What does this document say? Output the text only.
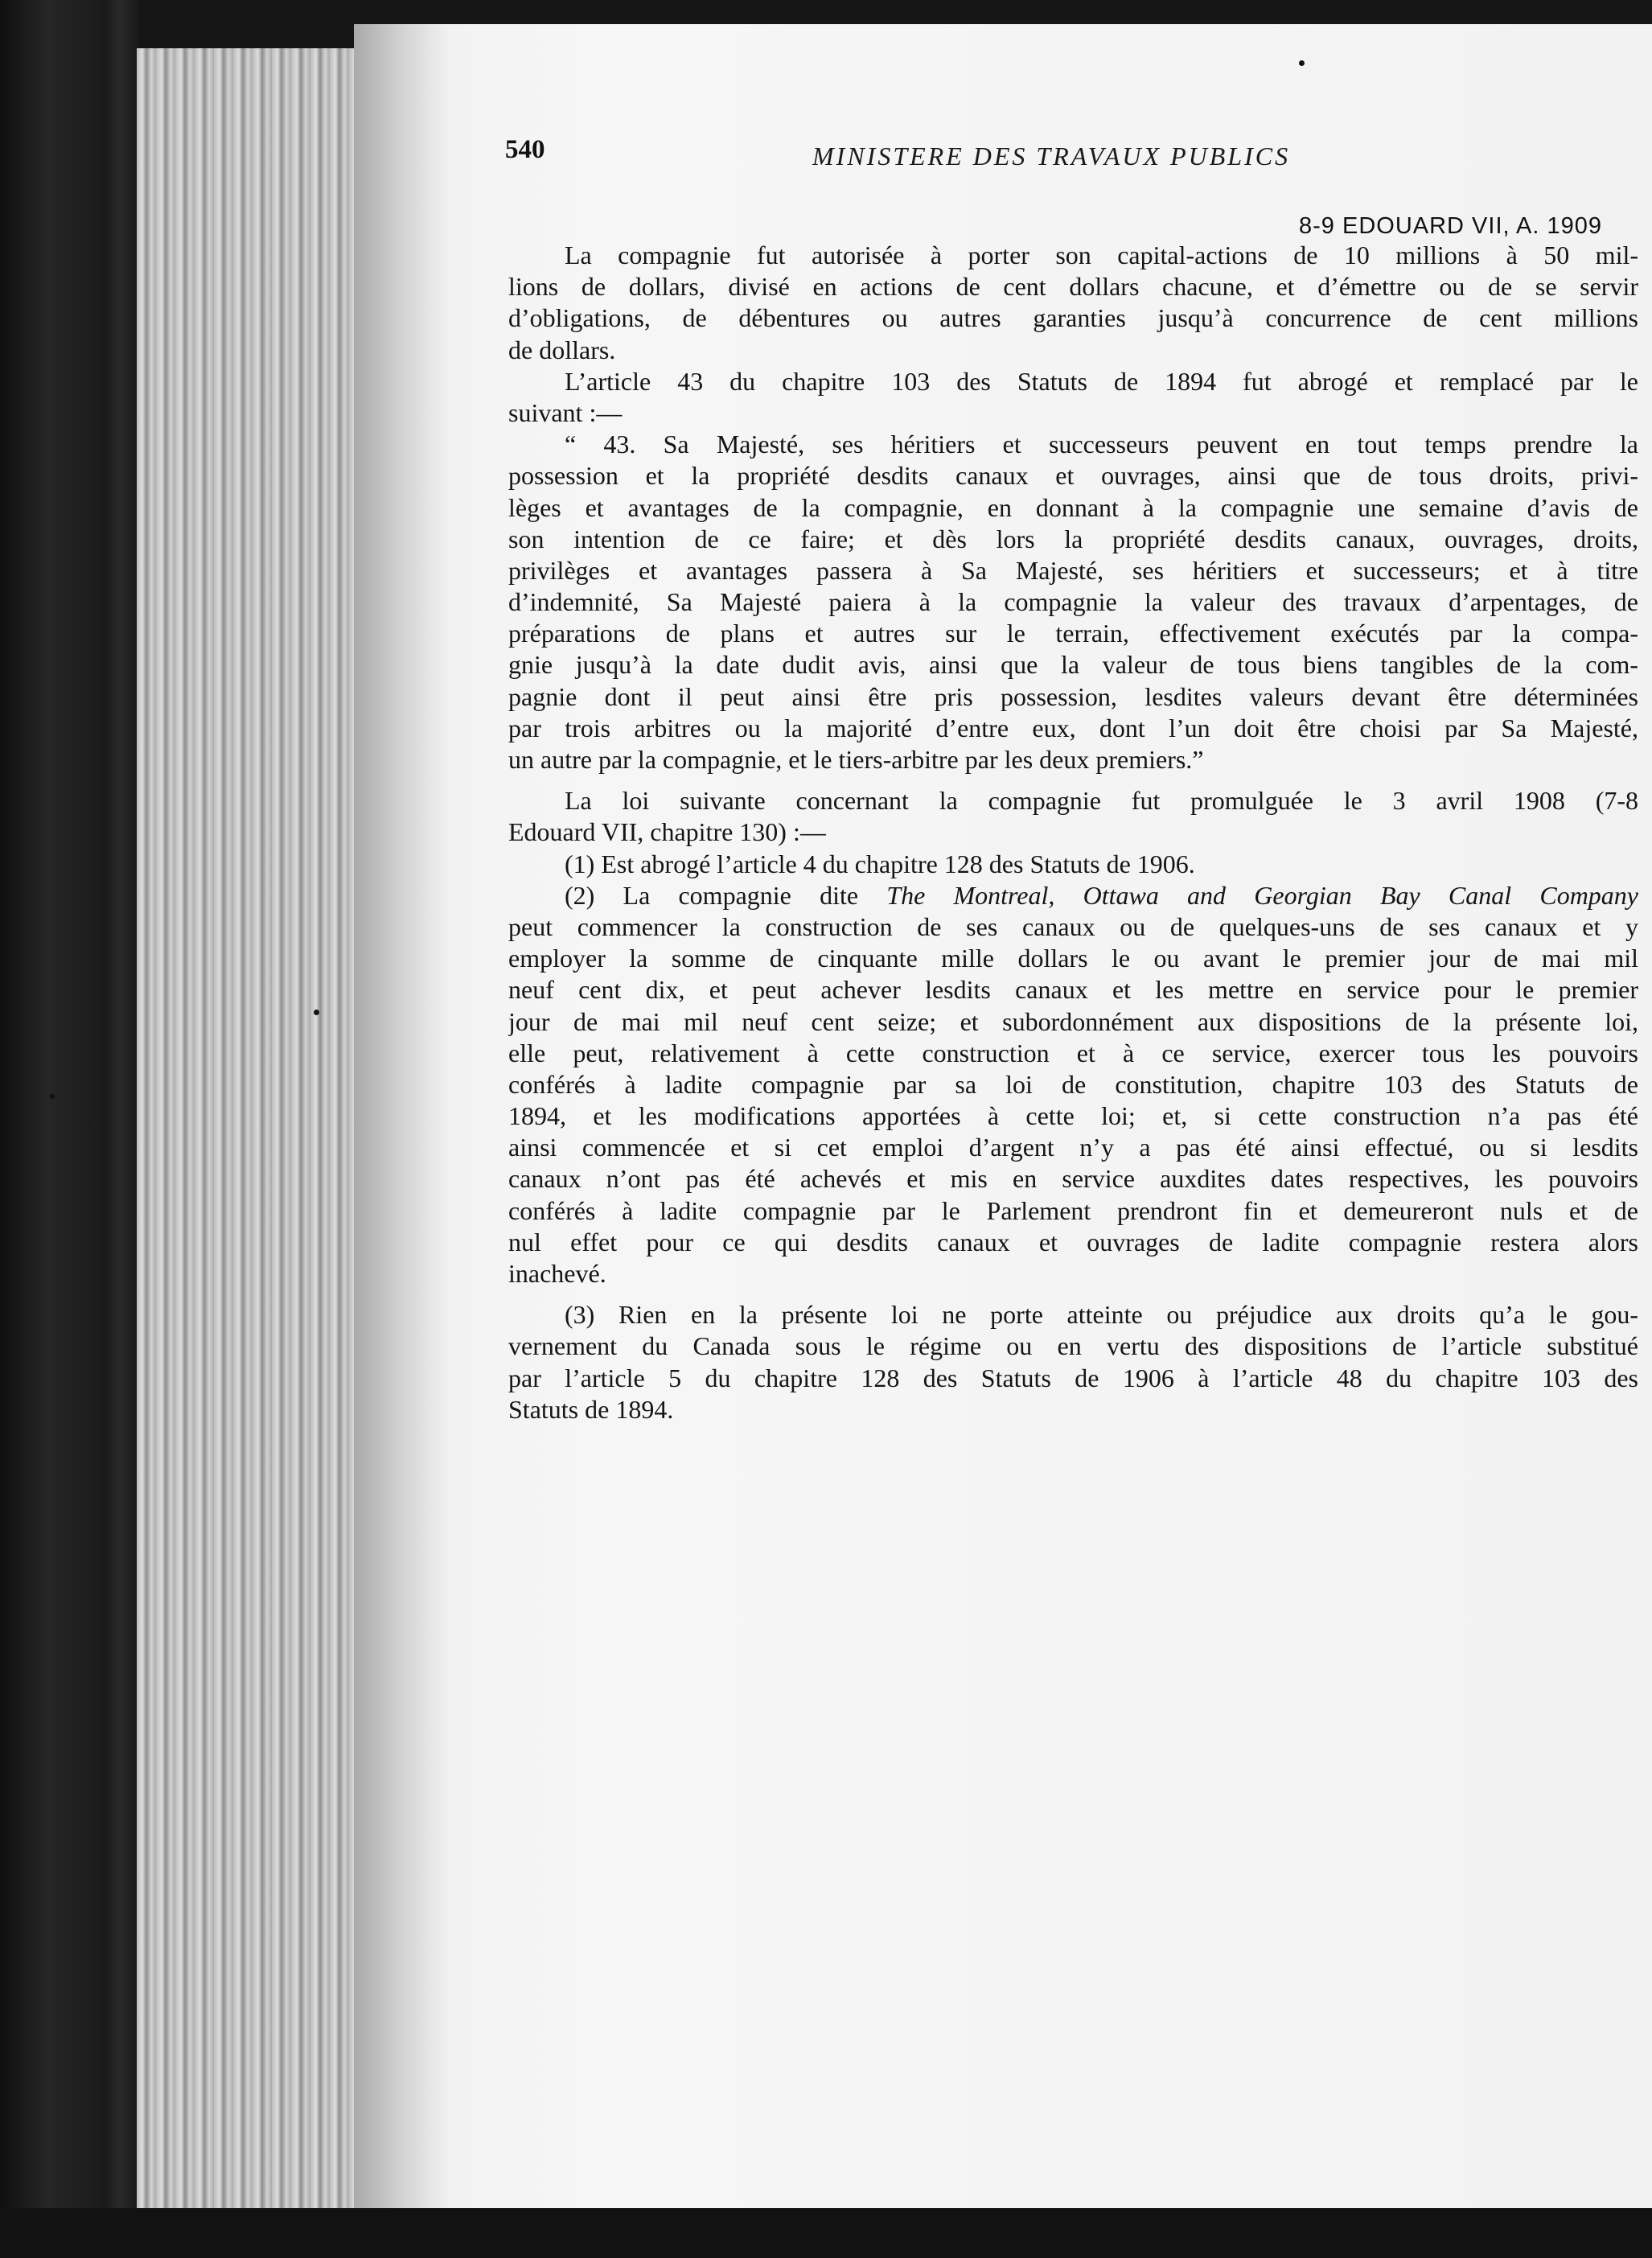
540	MINISTERE DES TRAVAUX PUBLICS
8-9 EDOUARD VII, A. 1909
La compagnie fut autorisée à porter son capital-actions de 10 millions à 50 mil-
lions de dollars, divisé en actions de cent dollars chacune, et d’émettre ou de se servir
d’obligations, de débentures ou autres garanties jusqu’à concurrence de cent millions
de dollars.
L’article 43 du chapitre 103 des Statuts de 1894 fut abrogé et remplacé par le
suivant :—
“ 43. Sa Majesté, ses héritiers et successeurs peuvent en tout temps prendre la
possession et la propriété desdits canaux et ouvrages, ainsi que de tous droits, privi-
lèges et avantages de la compagnie, en donnant à la compagnie une semaine d’avis de
son intention de ce faire; et dès lors la propriété desdits canaux, ouvrages, droits,
privilèges et avantages passera à Sa Majesté, ses héritiers et successeurs; et à titre
d’indemnité, Sa Majesté paiera à la compagnie la valeur des travaux d’arpentages, de
préparations de plans et autres sur le terrain, effectivement exécutés par la compa-
gnie jusqu’à la date dudit avis, ainsi que la valeur de tous biens tangibles de la com-
pagnie dont il peut ainsi être pris possession, lesdites valeurs devant être déterminées
par trois arbitres ou la majorité d’entre eux, dont l’un doit être choisi par Sa Majesté,
un autre par la compagnie, et le tiers-arbitre par les deux premiers.”
La loi suivante concernant la compagnie fut promulguée le 3 avril 1908 (7-8
Edouard VII, chapitre 130) :—
(1) Est abrogé l’article 4 du chapitre 128 des Statuts de 1906.
(2) La compagnie dite The Montreal, Ottawa and Georgian Bay Canal Company
peut commencer la construction de ses canaux ou de quelques-uns de ses canaux et y
employer la somme de cinquante mille dollars le ou avant le premier jour de mai mil
neuf cent dix, et peut achever lesdits canaux et les mettre en service pour le premier
jour de mai mil neuf cent seize; et subordonnément aux dispositions de la présente loi,
elle peut, relativement à cette construction et à ce service, exercer tous les pouvoirs
conférés à ladite compagnie par sa loi de constitution, chapitre 103 des Statuts de
1894, et les modifications apportées à cette loi; et, si cette construction n’a pas été
ainsi commencée et si cet emploi d’argent n’y a pas été ainsi effectué, ou si lesdits
canaux n’ont pas été achevés et mis en service auxdites dates respectives, les pouvoirs
conférés à ladite compagnie par le Parlement prendront fin et demeureront nuls et de
nul effet pour ce qui desdits canaux et ouvrages de ladite compagnie restera alors
inachevé.
(3) Rien en la présente loi ne porte atteinte ou préjudice aux droits qu’a le gou-
vernement du Canada sous le régime ou en vertu des dispositions de l’article substitué
par l’article 5 du chapitre 128 des Statuts de 1906 à l’article 48 du chapitre 103 des
Statuts de 1894.
